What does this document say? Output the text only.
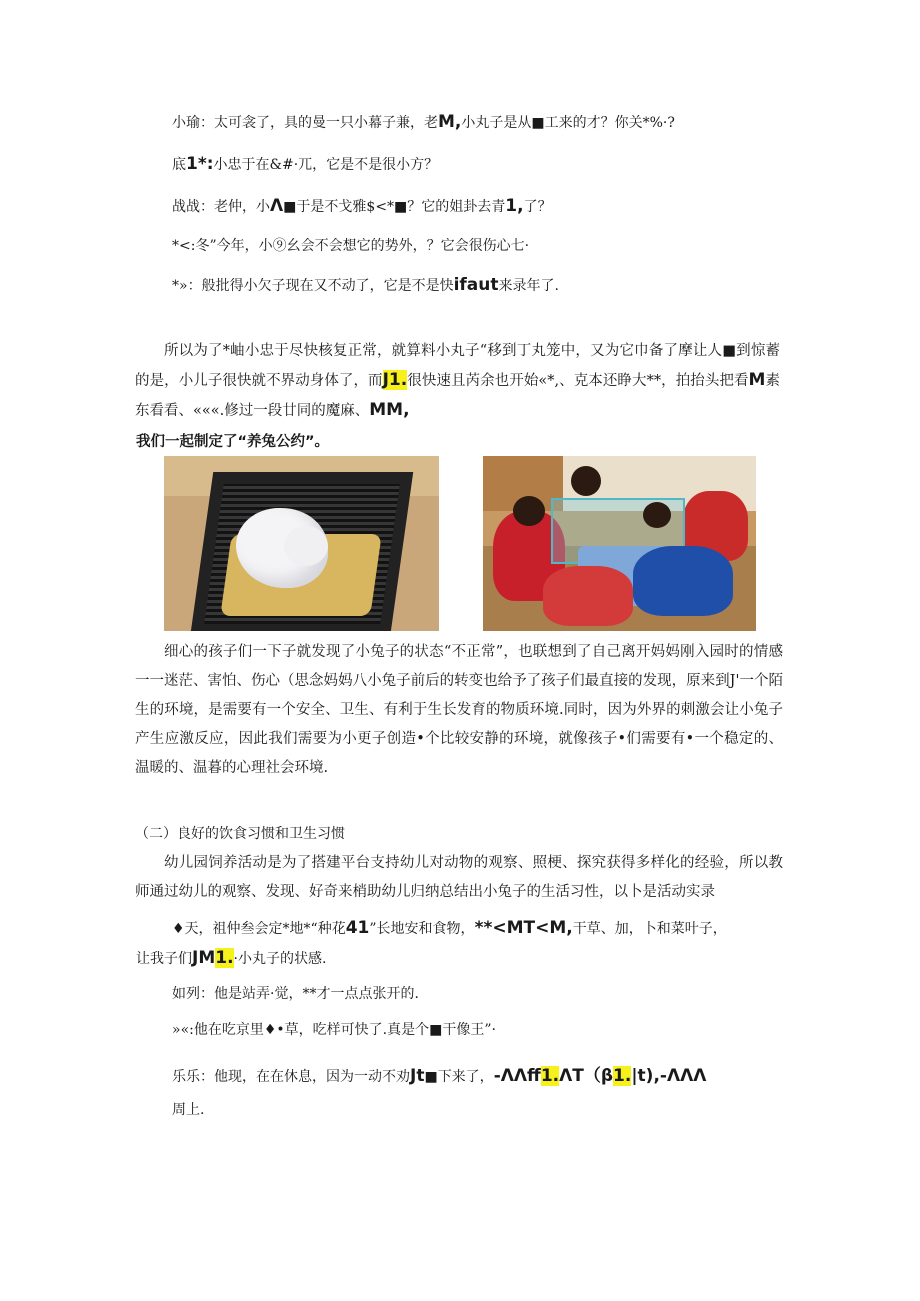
小瑜：太可衾了，具的曼一只小幕子兼，老M,小丸子是从■工来的才？你关*%·?
底1*:小忠于在&#·兀，它是不是很小方？
战战：老仲，小Λ■于是不戈雅$<*■？它的姐卦去青1,了？
*<:冬”今年，小⑨幺会不会想它的势外，？它会很伤心七·
*»：般批得小欠子现在又不动了，它是不是快ifaut来录年了.
所以为了*岫小忠于尽快核复正常，就算料小丸子“移到丁丸笼中，又为它巾备了摩让人■到惊蓄的是，小儿子很快就不界动身体了，而J1.很快速且芮余也开始«*,、克本还睁大**，拍抬头把看M素东看看、«««.修过一段廿同的魔麻、MM,
我们一起制定了“养兔公约”。
细心的孩子们一下子就发现了小兔子的状态“不正常”，也联想到了自己离开妈妈刚入园时的情感一一迷茫、害怕、伤心（思念妈妈八小兔子前后的转变也给予了孩子们最直接的发现，原来到J'一个陌生的环境，是需要有一个安全、卫生、有利于生长发育的物质环境.同时，因为外界的刺激会让小兔子产生应激反应，因此我们需要为小更子创造•个比较安静的环境，就像孩子•们需要有•一个稳定的、温暖的、温暮的心理社会环境.
（二）良好的饮食习惯和卫生习惯
幼儿园饲养活动是为了搭建平台支持幼儿对动物的观察、照梗、探究获得多样化的经验，所以教师通过幼儿的观察、发现、好奇来梢助幼儿归纳总结出小兔子的生活习性，以卜是活动实录
♦天，祖仲叁会定*地*“种花41”长地安和食物，**<MT<M,干草、加，卜和菜叶子，
让我子们JM1.·小丸子的状感.
如列：他是站弄·觉，**才一点点张开的.
»«:他在吃京里♦•草，吃样可快了.真是个■干像王”·
乐乐：他现，在在休息，因为一动不劝Jt■下来了，-ΛΛff1.ΛT（β1.|t),-ΛΛΛ
周上.
